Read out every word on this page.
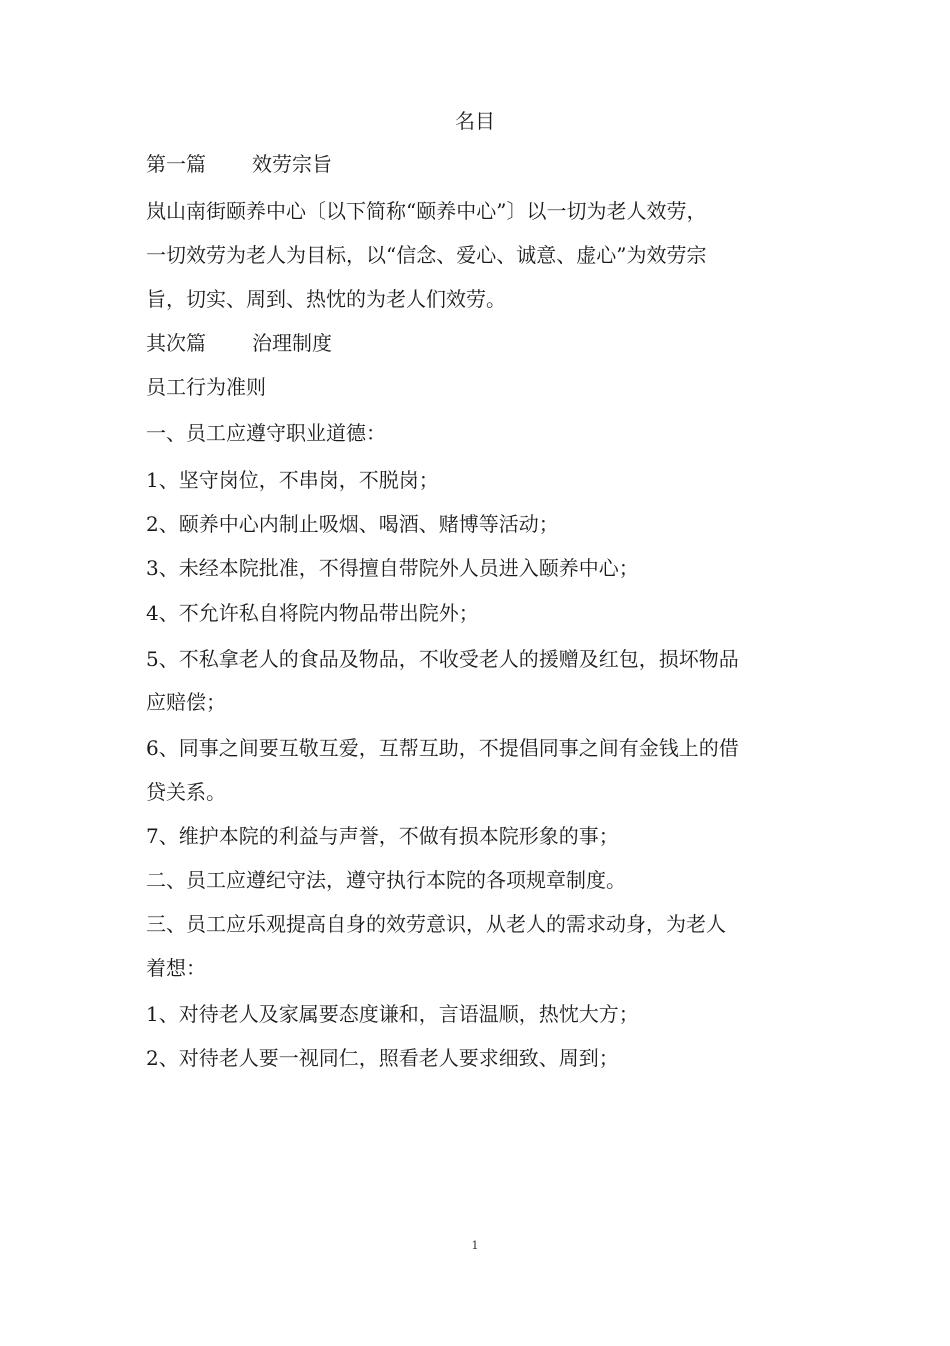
名目
第一篇 效劳宗旨
岚山南街颐养中心〔以下简称“颐养中心”〕以一切为老人效劳，
一切效劳为老人为目标，以“信念、爱心、诚意、虚心”为效劳宗
旨，切实、周到、热忱的为老人们效劳。
其次篇 治理制度
员工行为准则
一、员工应遵守职业道德：
1、坚守岗位，不串岗，不脱岗；
2、颐养中心内制止吸烟、喝酒、赌博等活动；
3、未经本院批准，不得擅自带院外人员进入颐养中心；
4、不允许私自将院内物品带出院外；
5、不私拿老人的食品及物品，不收受老人的援赠及红包，损坏物品
应赔偿；
6、同事之间要互敬互爱，互帮互助，不提倡同事之间有金钱上的借
贷关系。
7、维护本院的利益与声誉，不做有损本院形象的事；
二、员工应遵纪守法，遵守执行本院的各项规章制度。
三、员工应乐观提高自身的效劳意识，从老人的需求动身，为老人
着想：
1、对待老人及家属要态度谦和，言语温顺，热忱大方；
2、对待老人要一视同仁，照看老人要求细致、周到；
1
